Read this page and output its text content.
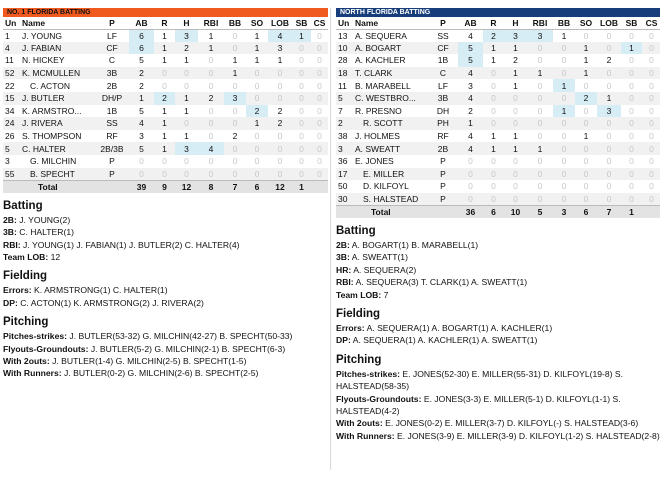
NO. 1 FLORIDA BATTING
Un	Name	P	AB	R	H	RBI	BB	SO	LOB	SB	CS
1	J. YOUNG	LF	6	1	3	1	0	1	4	1	0
4	J. FABIAN	CF	6	1	2	1	0	1	3	0	0
11	N. HICKEY	C	5	1	1	0	1	1	1	0	0
52	K. MCMULLEN	3B	2	0	0	0	1	0	0	0	0
22	C. ACTON	2B	2	0	0	0	0	0	0	0	0
15	J. BUTLER	DH/P	1	2	1	2	3	0	0	0	0
34	K. ARMSTRO...	1B	5	1	1	0	0	2	2	0	0
24	J. RIVERA	SS	4	1	0	0	0	1	2	0	0
26	S. THOMPSON	RF	3	1	1	0	2	0	0	0	0
5	C. HALTER	2B/3B	5	1	3	4	0	0	0	0	0
3	G. MILCHIN	P	0	0	0	0	0	0	0	0	0
55	B. SPECHT	P	0	0	0	0	0	0	0	0	0
	Total		39	9	12	8	7	6	12	1	
Batting
2B: J. YOUNG(2)
3B: C. HALTER(1)
RBI: J. YOUNG(1) J. FABIAN(1) J. BUTLER(2) C. HALTER(4)
Team LOB: 12
Fielding
Errors: K. ARMSTRONG(1) C. HALTER(1)
DP: C. ACTON(1) K. ARMSTRONG(2) J. RIVERA(2)
Pitching
Pitches-strikes: J. BUTLER(53-32) G. MILCHIN(42-27) B. SPECHT(50-33)
Flyouts-Groundouts: J. BUTLER(5-2) G. MILCHIN(2-1) B. SPECHT(6-3)
With 2outs: J. BUTLER(1-4) G. MILCHIN(2-5) B. SPECHT(1-5)
With Runners: J. BUTLER(0-2) G. MILCHIN(2-6) B. SPECHT(2-5)
NORTH FLORIDA BATTING
Un	Name	P	AB	R	H	RBI	BB	SO	LOB	SB	CS
13	A. SEQUERA	SS	4	2	3	3	1	0	0	0	0
10	A. BOGART	CF	5	1	1	0	0	1	0	1	0
28	A. KACHLER	1B	5	1	2	0	0	1	2	0	0
18	T. CLARK	C	4	0	1	1	0	1	0	0	0
11	B. MARABELL	LF	3	0	1	0	1	0	0	0	0
5	C. WESTBRO...	3B	4	0	0	0	0	2	1	0	0
7	R. PRESNO	DH	2	0	0	0	1	0	3	0	0
2	R. SCOTT	PH	1	0	0	0	0	0	0	0	0
38	J. HOLMES	RF	4	1	1	0	0	1	0	0	0
3	A. SWEATT	2B	4	1	1	1	0	0	0	0	0
36	E. JONES	P	0	0	0	0	0	0	0	0	0
17	E. MILLER	P	0	0	0	0	0	0	0	0	0
50	D. KILFOYL	P	0	0	0	0	0	0	0	0	0
30	S. HALSTEAD	P	0	0	0	0	0	0	0	0	0
	Total		36	6	10	5	3	6	7	1	
Batting
2B: A. BOGART(1) B. MARABELL(1)
3B: A. SWEATT(1)
HR: A. SEQUERA(2)
RBI: A. SEQUERA(3) T. CLARK(1) A. SWEATT(1)
Team LOB: 7
Fielding
Errors: A. SEQUERA(1) A. BOGART(1) A. KACHLER(1)
DP: A. SEQUERA(1) A. KACHLER(1) A. SWEATT(1)
Pitching
Pitches-strikes: E. JONES(52-30) E. MILLER(55-31) D. KILFOYL(19-8) S. HALSTEAD(58-35)
Flyouts-Groundouts: E. JONES(3-3) E. MILLER(5-1) D. KILFOYL(1-1) S. HALSTEAD(4-2)
With 2outs: E. JONES(0-2) E. MILLER(3-7) D. KILFOYL(-) S. HALSTEAD(3-6)
With Runners: E. JONES(3-9) E. MILLER(3-9) D. KILFOYL(1-2) S. HALSTEAD(2-8)
